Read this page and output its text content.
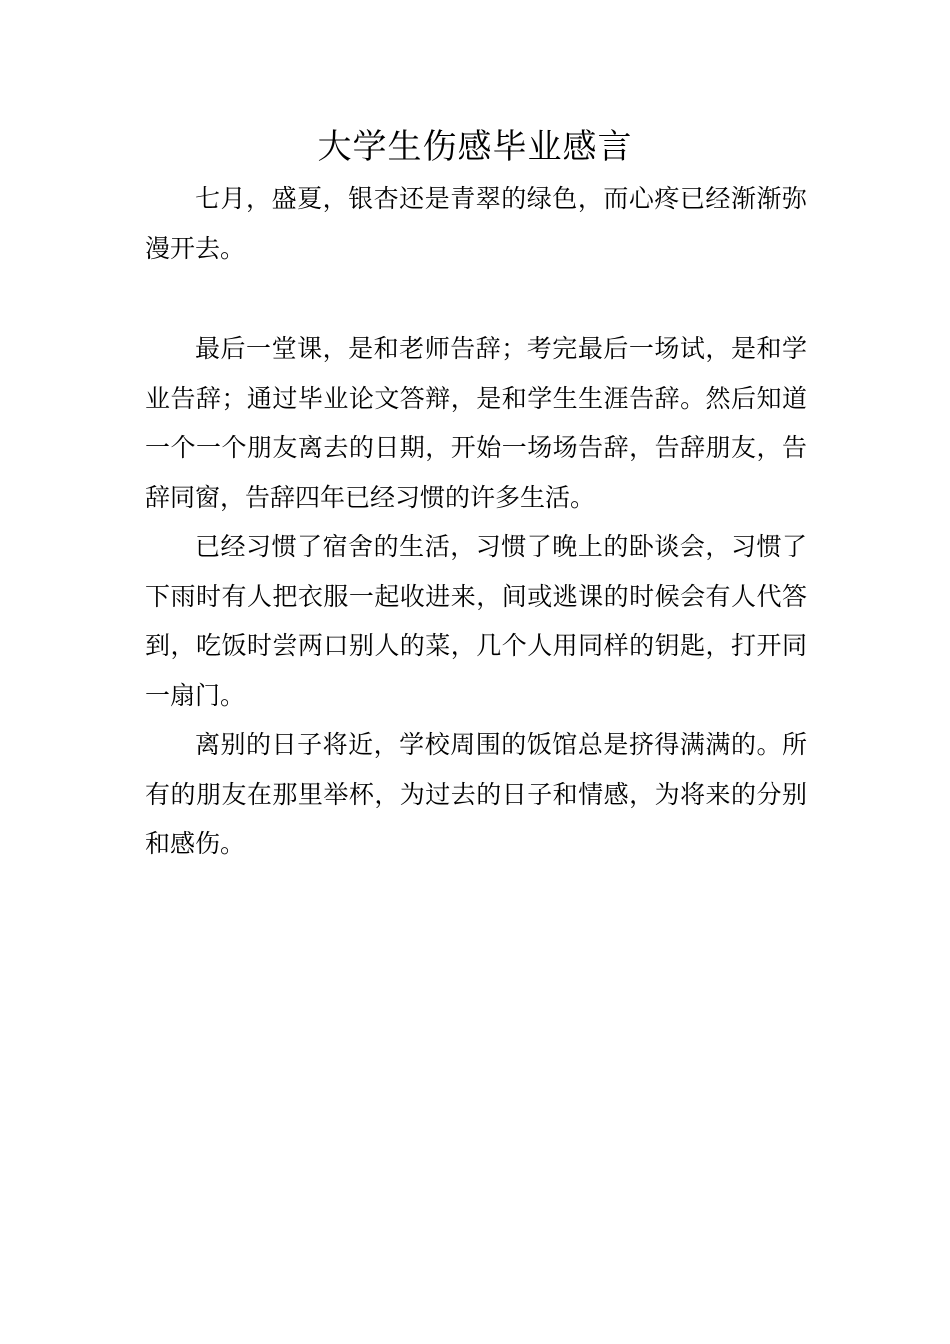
大学生伤感毕业感言

七月，盛夏，银杏还是青翠的绿色，而心疼已经渐渐弥漫开去。

最后一堂课，是和老师告辞；考完最后一场试，是和学业告辞；通过毕业论文答辩，是和学生生涯告辞。然后知道一个一个朋友离去的日期，开始一场场告辞，告辞朋友，告辞同窗，告辞四年已经习惯的许多生活。

已经习惯了宿舍的生活，习惯了晚上的卧谈会，习惯了下雨时有人把衣服一起收进来，间或逃课的时候会有人代答到，吃饭时尝两口别人的菜，几个人用同样的钥匙，打开同一扇门。

离别的日子将近，学校周围的饭馆总是挤得满满的。所有的朋友在那里举杯，为过去的日子和情感，为将来的分别和感伤。
